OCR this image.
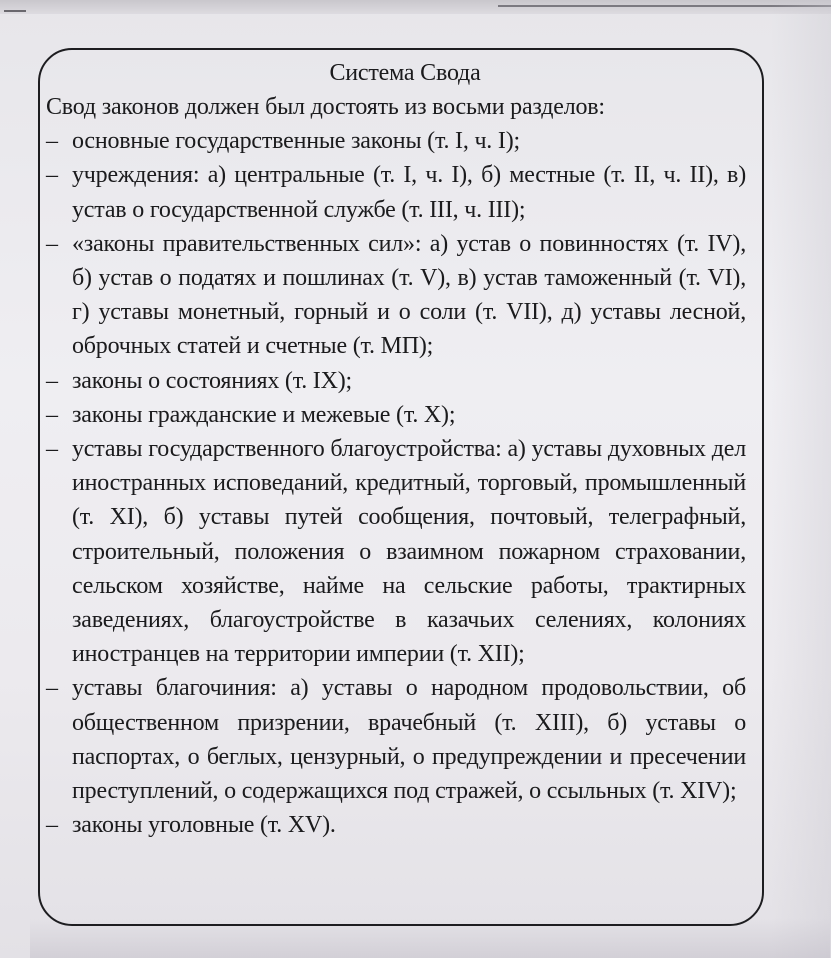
Система Свода

Свод законов должен был достоять из восьми разделов:

– основные государственные законы (т. I, ч. I);
– учреждения: а) центральные (т. I, ч. I), б) местные (т. II, ч. II), в) устав о государственной службе (т. III, ч. III);
– «законы правительственных сил»: а) устав о повинностях (т. IV), б) устав о податях и пошлинах (т. V), в) устав таможенный (т. VI), г) уставы монетный, горный и о соли (т. VII), д) уставы лесной, оброчных статей и счетные (т. МП);
– законы о состояниях (т. IX);
– законы гражданские и межевые (т. X);
– уставы государственного благоустройства: а) уставы духовных дел иностранных исповеданий, кредитный, торговый, промышленный (т. XI), б) уставы путей сообщения, почтовый, телеграфный, строительный, положения о взаимном пожарном страховании, сельском хозяйстве, найме на сельские работы, трактирных заведениях, благоустройстве в казачьих селениях, колониях иностранцев на территории империи (т. XII);
– уставы благочиния: а) уставы о народном продовольствии, об общественном призрении, врачебный (т. XIII), б) уставы о паспортах, о беглых, цензурный, о предупреждении и пресечении преступлений, о содержащихся под стражей, о ссыльных (т. XIV);
– законы уголовные (т. XV).
